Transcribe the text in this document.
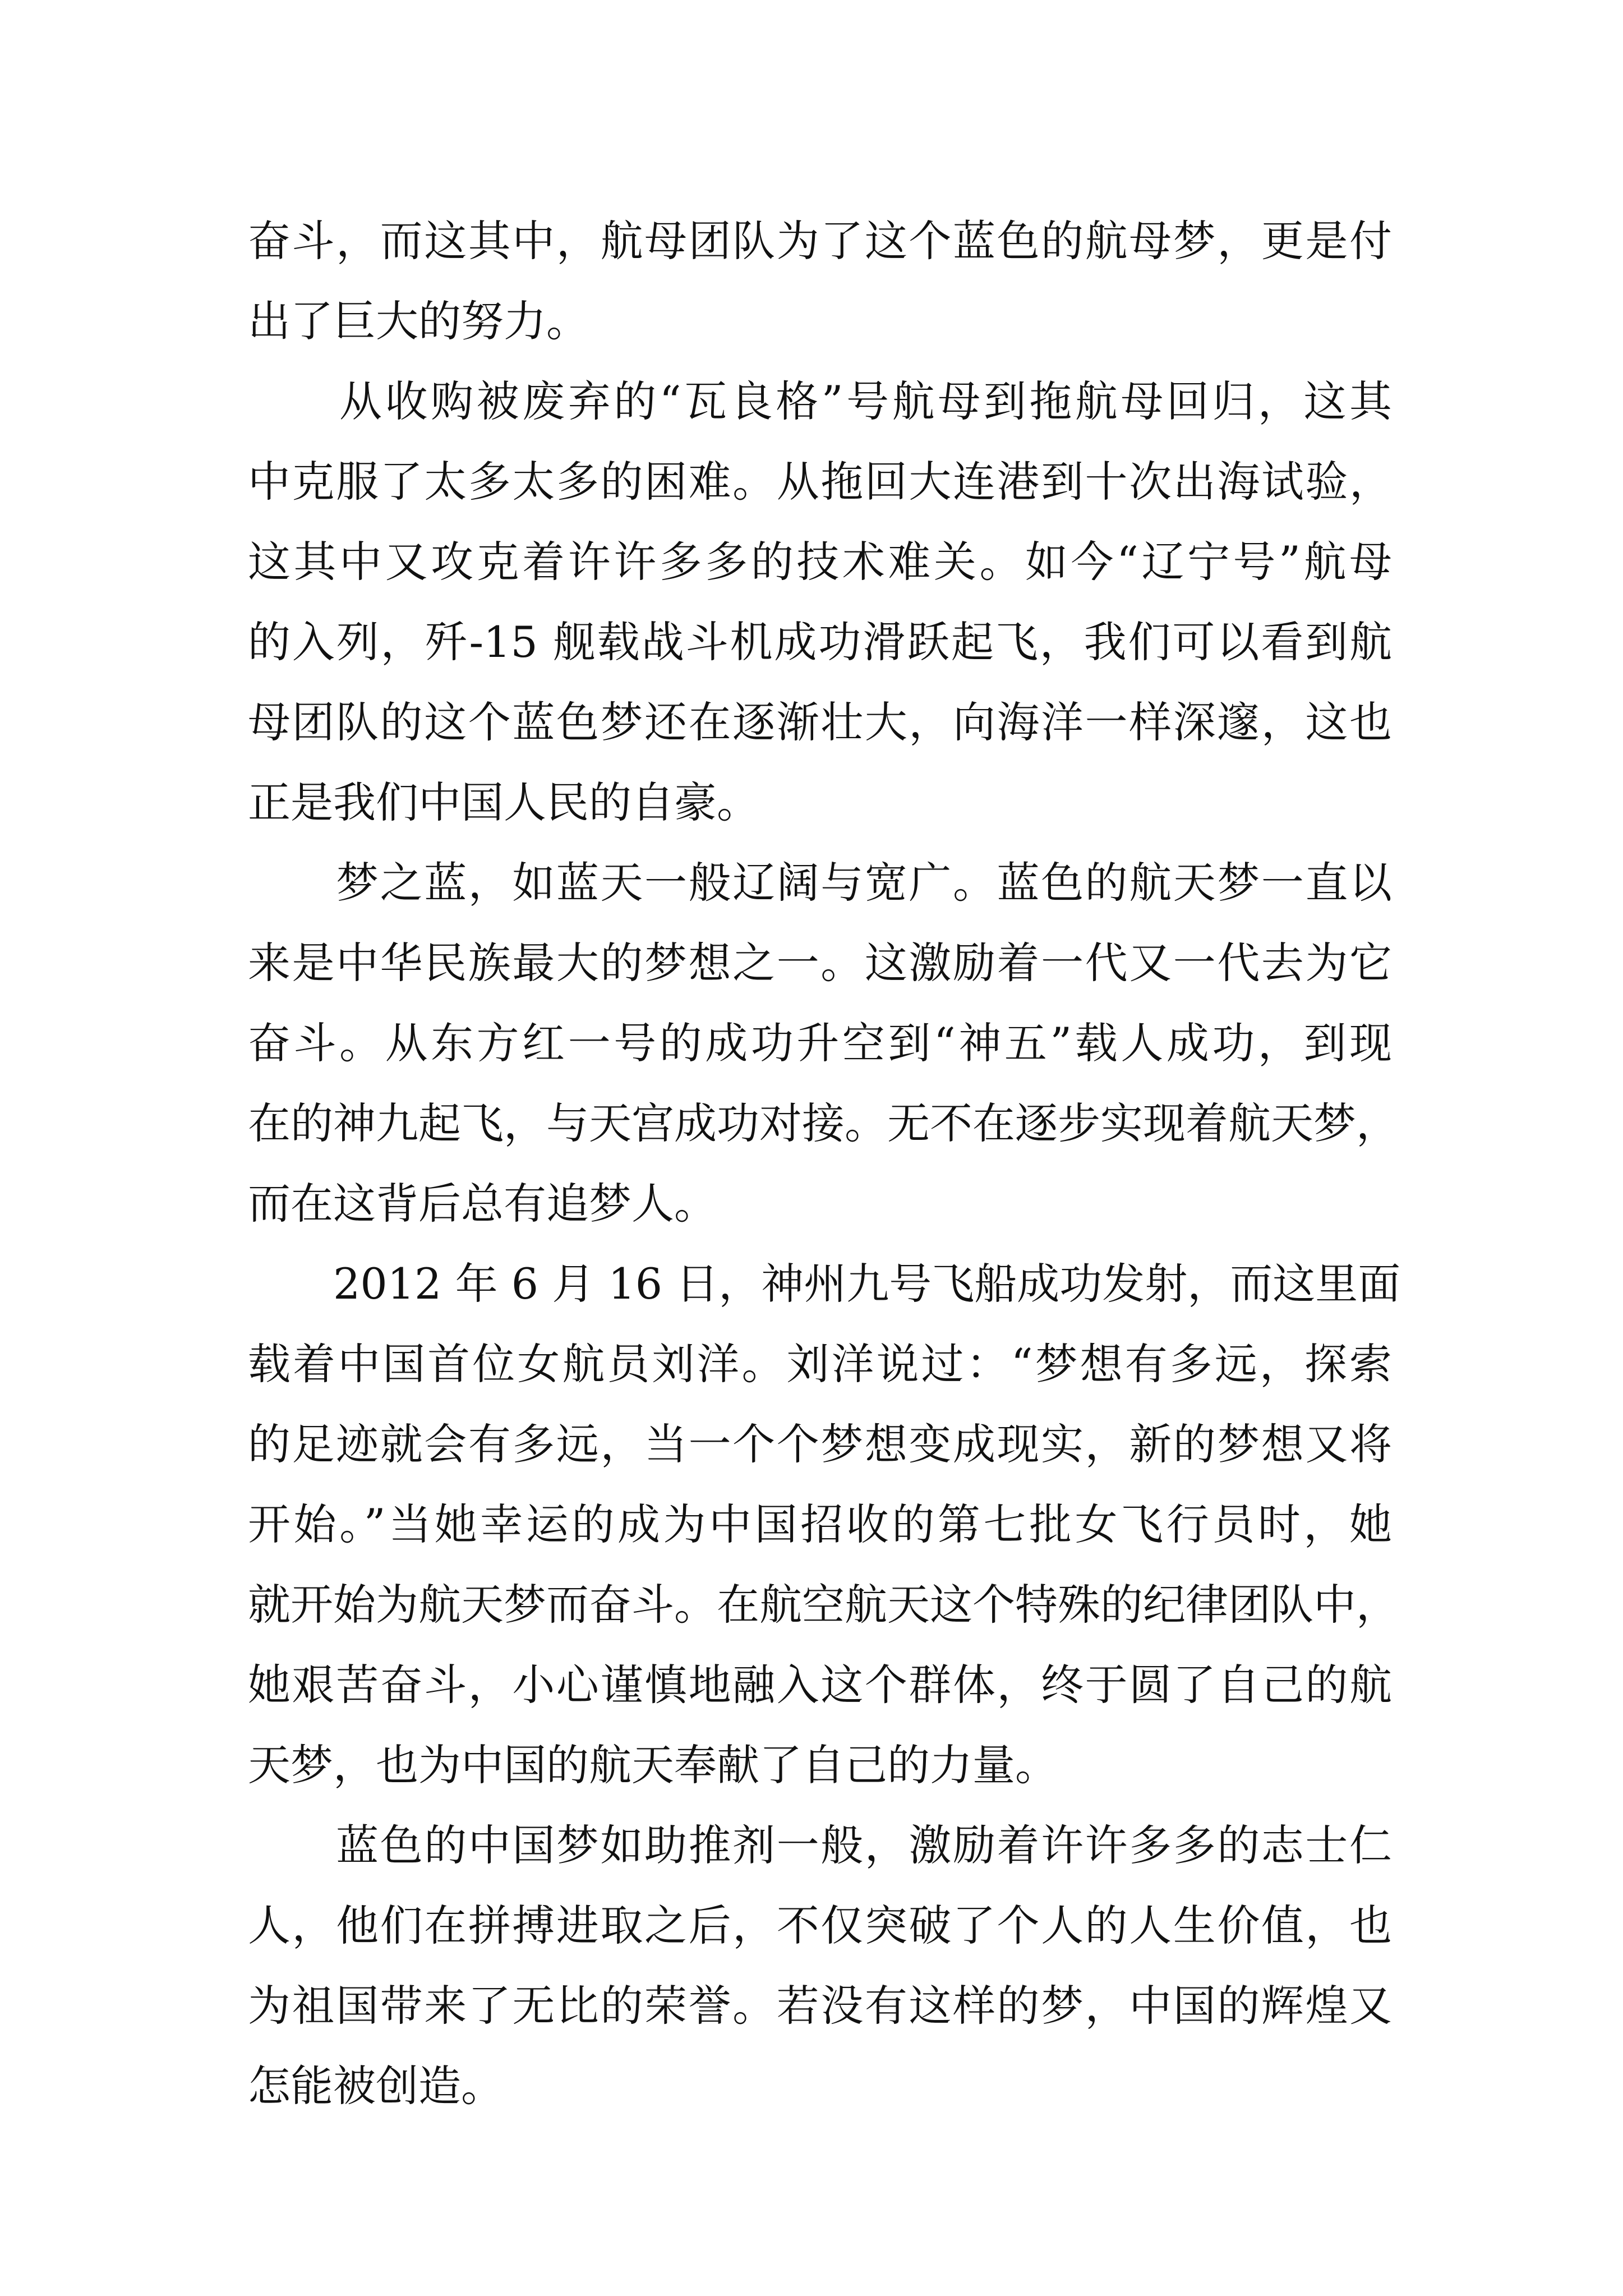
奋斗，而这其中，航母团队为了这个蓝色的航母梦，更是付
出了巨大的努力。
　　从收购被废弃的“瓦良格”号航母到拖航母回归，这其
中克服了太多太多的困难。从拖回大连港到十次出海试验，
这其中又攻克着许许多多的技术难关。如今“辽宁号”航母
的入列，歼-15 舰载战斗机成功滑跃起飞，我们可以看到航
母团队的这个蓝色梦还在逐渐壮大，向海洋一样深邃，这也
正是我们中国人民的自豪。
　　梦之蓝，如蓝天一般辽阔与宽广。蓝色的航天梦一直以
来是中华民族最大的梦想之一。这激励着一代又一代去为它
奋斗。从东方红一号的成功升空到“神五”载人成功，到现
在的神九起飞，与天宫成功对接。无不在逐步实现着航天梦，
而在这背后总有追梦人。
　　2012 年 6 月 16 日，神州九号飞船成功发射，而这里面
载着中国首位女航员刘洋。刘洋说过：“梦想有多远，探索
的足迹就会有多远，当一个个梦想变成现实，新的梦想又将
开始。”当她幸运的成为中国招收的第七批女飞行员时，她
就开始为航天梦而奋斗。在航空航天这个特殊的纪律团队中，
她艰苦奋斗，小心谨慎地融入这个群体，终于圆了自己的航
天梦，也为中国的航天奉献了自己的力量。
　　蓝色的中国梦如助推剂一般，激励着许许多多的志士仁
人，他们在拼搏进取之后，不仅突破了个人的人生价值，也
为祖国带来了无比的荣誉。若没有这样的梦，中国的辉煌又
怎能被创造。
